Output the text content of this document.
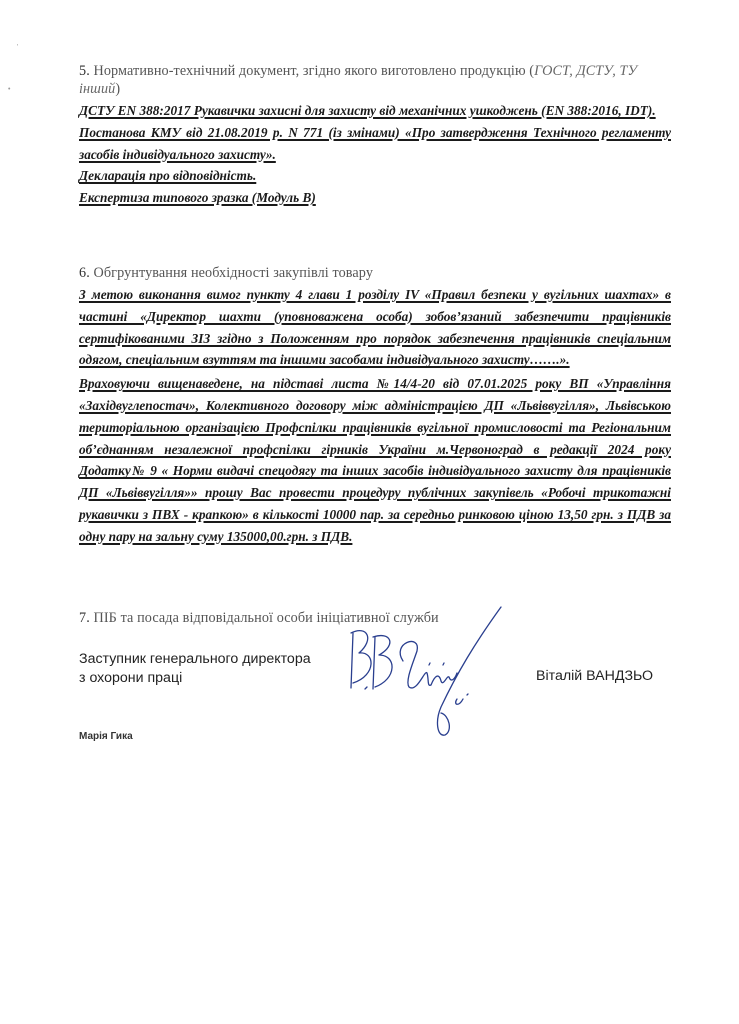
'
•
5. Нормативно-технічний документ, згідно якого виготовлено продукцію (ГОСТ, ДСТУ, ТУ інший)

ДСТУ EN 388:2017 Рукавички захисні для захисту від механічних ушкоджень (EN 388:2016, IDT).

Постанова КМУ від 21.08.2019 р. N 771 (із змінами) «Про затвердження Технічного регламенту засобів індивідуального захисту».

Декларація про відповідність.

Експертиза типового зразка (Модуль В)

6. Обгрунтування необхідності закупівлі товару

З метою виконання вимог пункту 4 глави 1 розділу IV «Правил безпеки у вугільних шахтах» в частині «Директор шахти (уповноважена особа) зобов’язаний забезпечити працівників сертифікованими ЗІЗ згідно з Положенням про порядок забезпечення працівників спеціальним одягом, спеціальним взуттям та іншими засобами індивідуального захисту…….».

Враховуючи вищенаведене, на підставі листа №14/4-20 від 07.01.2025 року ВП «Управління «Західвуглепостач», Колективного договору між адміністрацією ДП «Львіввугілля», Львівською територіальною організацією Профспілки працівників вугільної промисловості та Регіональним об’єднанням незалежної профспілки гірників України м.Червоноград в редакції 2024 року Додатку№ 9 « Норми видачі спецодягу та інших засобів індивідуального захисту для працівників ДП «Львіввугілля»» прошу Вас провести процедуру публічних закупівель «Робочі трикотажні рукавички з ПВХ - крапкою» в кількості 10000 пар. за середньо ринковою ціною 13,50 грн. з ПДВ за одну пару на зальну суму 135000,00.грн. з ПДВ.

7. ПІБ та посада відповідальної особи ініціативної служби
Заступник генерального директора
з охорони праці	Віталій ВАНДЗЬО
Марія Гика
